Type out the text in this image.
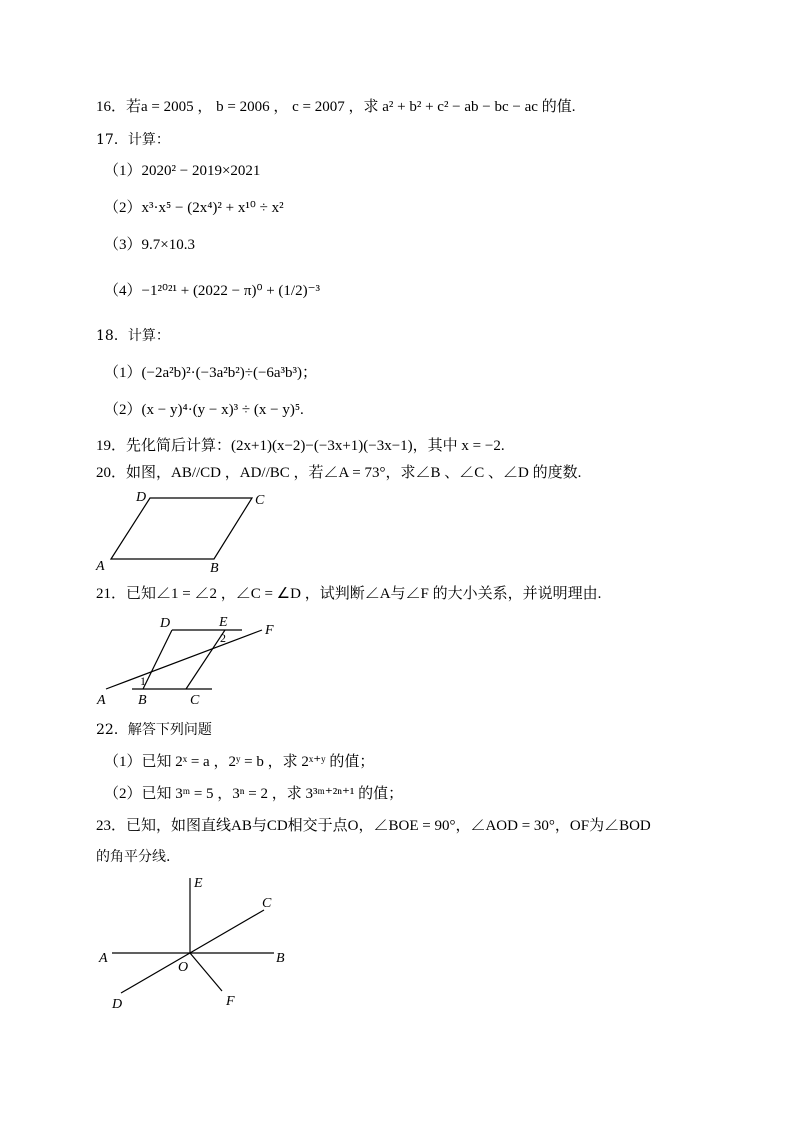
16．若a = 2005 ， b = 2006 ， c = 2007 ，求 a² + b² + c² − ab − bc − ac 的值.
17．计算：
（1）2020² − 2019×2021
（2）x³·x⁵ − (2x⁴)² + x¹⁰ ÷ x²
（3）9.7×10.3
（4）−1²⁰²¹ + (2022 − π)⁰ + (1/2)⁻³
18．计算：
（1）(−2a²b)²·(−3a²b²)÷(−6a³b³)；
（2）(x − y)⁴·(y − x)³ ÷ (x − y)⁵.
19．先化简后计算：(2x+1)(x−2)−(−3x+1)(−3x−1)，其中 x = −2.
20．如图，AB//CD ，AD//BC ，若∠A = 73°，求∠B 、∠C 、∠D 的度数.
D	C
A	B
21．已知∠1 = ∠2 ，∠C = ∠D ，试判断∠A与∠F 的大小关系，并说明理由.
D	E
F
A B	C
1
2
22．解答下列问题
（1）已知 2ˣ = a ，2ʸ = b ，求 2ˣ⁺ʸ 的值；
（2）已知 3ᵐ = 5 ，3ⁿ = 2 ，求 3³ᵐ⁺²ⁿ⁺¹ 的值；
23．已知，如图直线AB与CD相交于点O，∠BOE = 90°，∠AOD = 30°，OF为∠BOD
的角平分线.
E
C
A	B
O
D	F
